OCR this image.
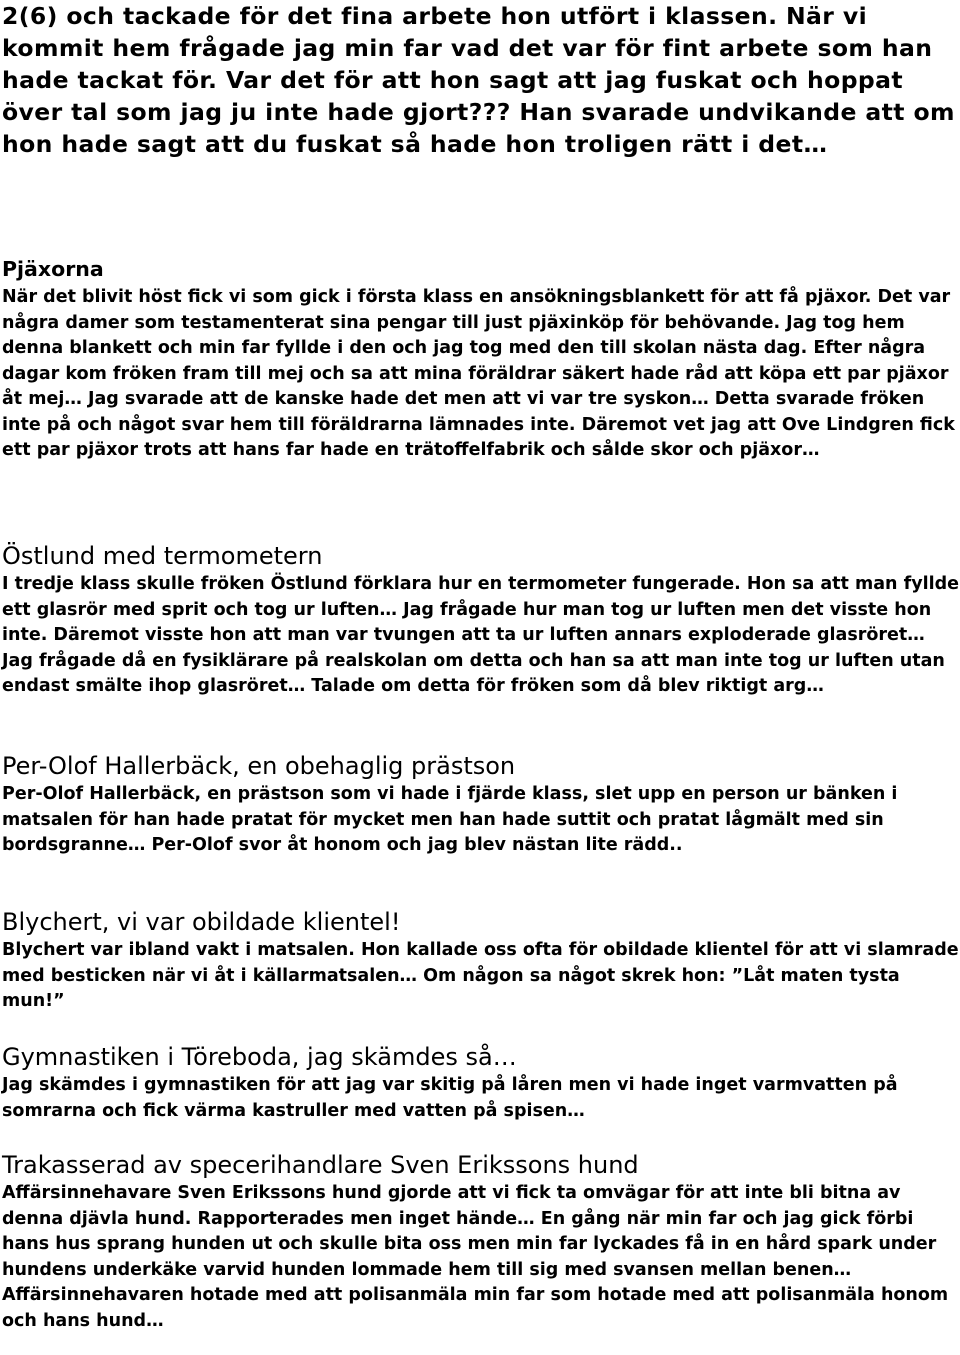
2(6) och tackade för det fina arbete hon utfört i klassen. När vi kommit hem frågade jag min far vad det var för fint arbete som han hade tackat för. Var det för att hon sagt att jag fuskat och hoppat över tal som jag ju inte hade gjort??? Han svarade undvikande att om hon hade sagt att du fuskat så hade hon troligen rätt i det…

Pjäxorna

När det blivit höst fick vi som gick i första klass en ansökningsblankett för att få pjäxor. Det var några damer som testamenterat sina pengar till just pjäxinköp för behövande. Jag tog hem denna blankett och min far fyllde i den och jag tog med den till skolan nästa dag. Efter några dagar kom fröken fram till mej och sa att mina föräldrar säkert hade råd att köpa ett par pjäxor åt mej… Jag svarade att de kanske hade det men att vi var tre syskon… Detta svarade fröken inte på och något svar hem till föräldrarna lämnades inte. Däremot vet jag att Ove Lindgren fick ett par pjäxor trots att hans far hade en trätoffelfabrik och sålde skor och pjäxor…

Östlund med termometern

I tredje klass skulle fröken Östlund förklara hur en termometer fungerade. Hon sa att man fyllde ett glasrör med sprit och tog ur luften… Jag frågade hur man tog ur luften men det visste hon inte. Däremot visste hon att man var tvungen att ta ur luften annars exploderade glasröret… Jag frågade då en fysiklärare på realskolan om detta och han sa att man inte tog ur luften utan endast smälte ihop glasröret… Talade om detta för fröken som då blev riktigt arg…

Per-Olof Hallerbäck, en obehaglig prästson

Per-Olof Hallerbäck, en prästson som vi hade i fjärde klass, slet upp en person ur bänken i matsalen för han hade pratat för mycket men han hade suttit och pratat lågmält med sin bordsgranne… Per-Olof svor åt honom och jag blev nästan lite rädd..

Blychert, vi var obildade klientel!

Blychert var ibland vakt i matsalen. Hon kallade oss ofta för obildade klientel för att vi slamrade med besticken när vi åt i källarmatsalen… Om någon sa något skrek hon: ”Låt maten tysta mun!”

Gymnastiken i Töreboda, jag skämdes så…

Jag skämdes i gymnastiken för att jag var skitig på låren men vi hade inget varmvatten på somrarna och fick värma kastruller med vatten på spisen…

Trakasserad av specerihandlare Sven Erikssons hund

Affärsinnehavare Sven Erikssons hund gjorde att vi fick ta omvägar för att inte bli bitna av denna djävla hund. Rapporterades men inget hände… En gång när min far och jag gick förbi hans hus sprang hunden ut och skulle bita oss men min far lyckades få in en hård spark under hundens underkäke varvid hunden lommade hem till sig med svansen mellan benen… Affärsinnehavaren hotade med att polisanmäla min far som hotade med att polisanmäla honom och hans hund…
